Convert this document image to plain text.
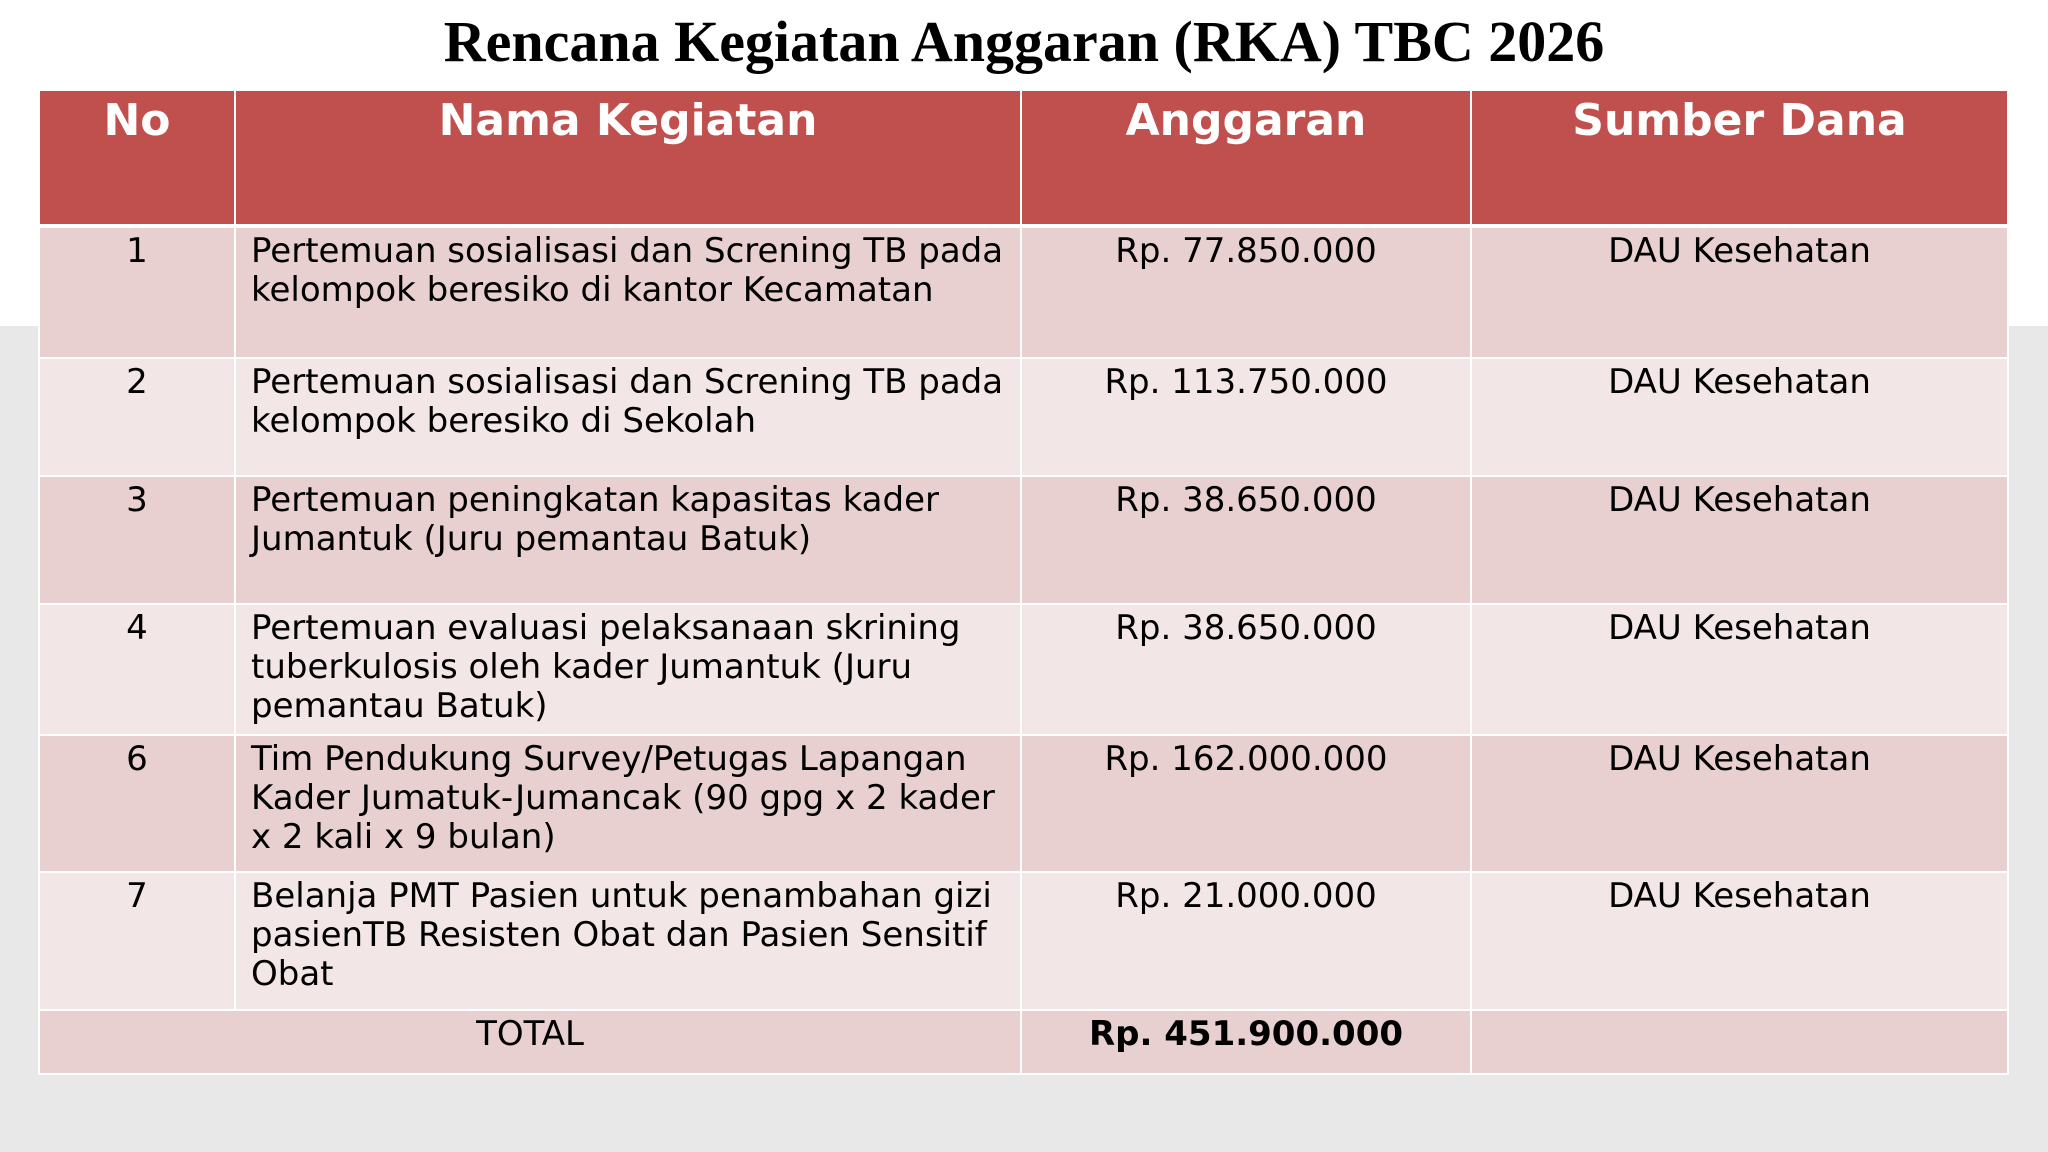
Rencana Kegiatan Anggaran (RKA) TBC 2026
No	Nama Kegiatan	Anggaran	Sumber Dana
1	Pertemuan sosialisasi dan Screning TB pada kelompok beresiko di kantor Kecamatan	Rp. 77.850.000	DAU Kesehatan
2	Pertemuan sosialisasi dan Screning TB pada kelompok beresiko di Sekolah	Rp. 113.750.000	DAU Kesehatan
3	Pertemuan peningkatan kapasitas kader Jumantuk (Juru pemantau Batuk)	Rp. 38.650.000	DAU Kesehatan
4	Pertemuan evaluasi pelaksanaan skrining tuberkulosis oleh kader Jumantuk (Juru pemantau Batuk)	Rp. 38.650.000	DAU Kesehatan
6	Tim Pendukung Survey/Petugas Lapangan Kader Jumatuk-Jumancak (90 gpg x 2 kader x 2 kali x 9 bulan)	Rp. 162.000.000	DAU Kesehatan
7	Belanja PMT Pasien untuk penambahan gizi pasienTB Resisten Obat dan Pasien Sensitif Obat	Rp. 21.000.000	DAU Kesehatan
TOTAL		Rp. 451.900.000	
